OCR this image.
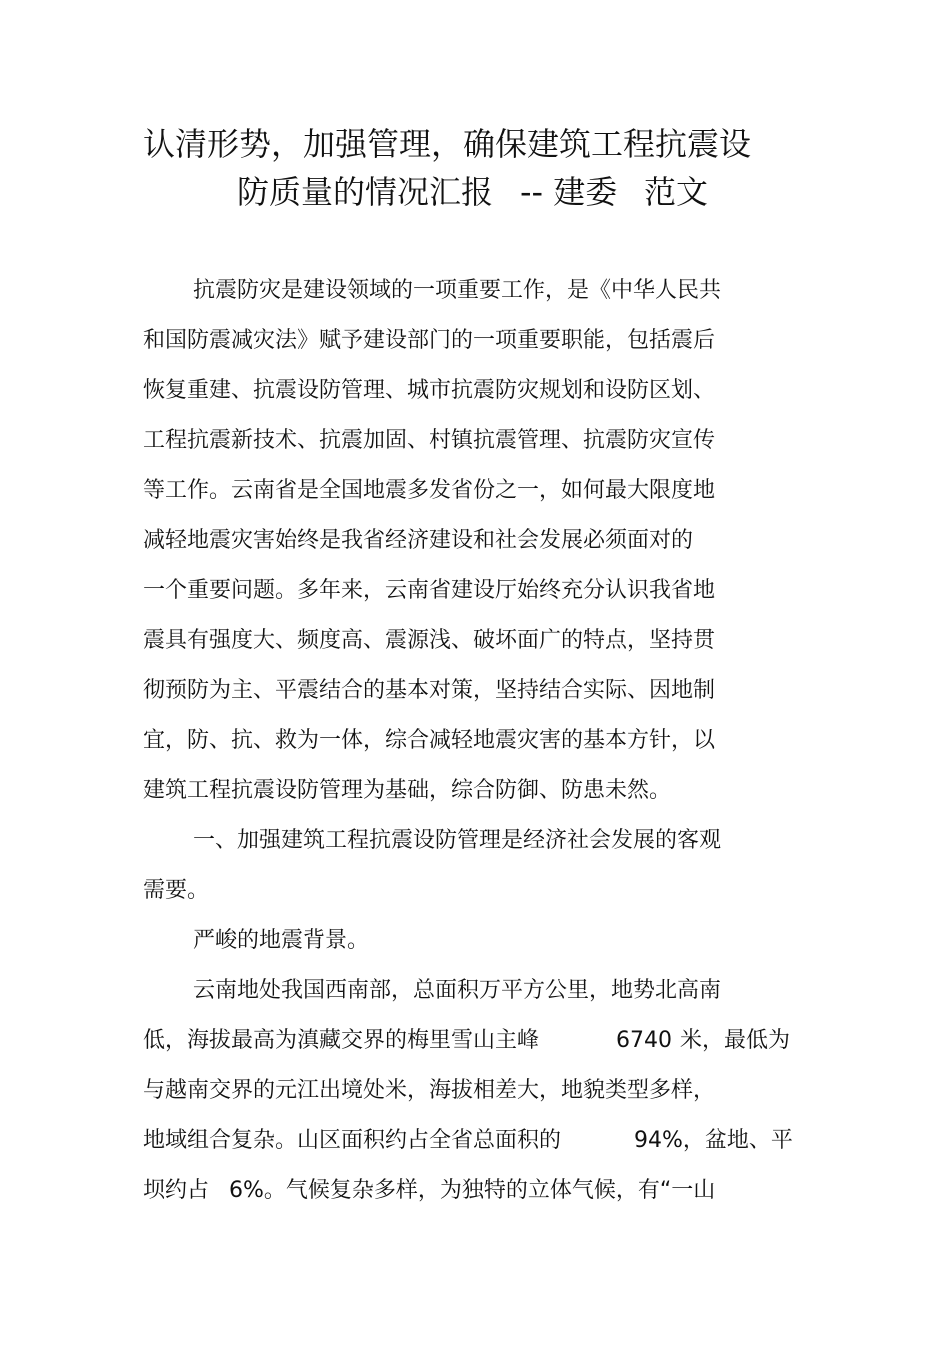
认清形势，加强管理，确保建筑工程抗震设

防质量的情况汇报

-- 建委

范文

抗震防灾是建设领域的一项重要工作，是《中华人民共
和国防震减灾法》赋予建设部门的一项重要职能，包括震后
恢复重建、抗震设防管理、城市抗震防灾规划和设防区划、
工程抗震新技术、抗震加固、村镇抗震管理、抗震防灾宣传
等工作。云南省是全国地震多发省份之一，如何最大限度地
减轻地震灾害始终是我省经济建设和社会发展必须面对的
一个重要问题。多年来，云南省建设厅始终充分认识我省地
震具有强度大、频度高、震源浅、破坏面广的特点，坚持贯
彻预防为主、平震结合的基本对策，坚持结合实际、因地制
宜，防、抗、救为一体，综合减轻地震灾害的基本方针，以
建筑工程抗震设防管理为基础，综合防御、防患未然。
一、加强建筑工程抗震设防管理是经济社会发展的客观
需要。
严峻的地震背景。
云南地处我国西南部，总面积万平方公里，地势北高南

低，海拔最高为滇藏交界的梅里雪山主峰

	6740

米，最低为

与越南交界的元江出境处米，海拔相差大，地貌类型多样，

地域组合复杂。山区面积约占全省总面积的

	94%，盆地、平

坝约占

6%。气候复杂多样，为独特的立体气候，有“一山
